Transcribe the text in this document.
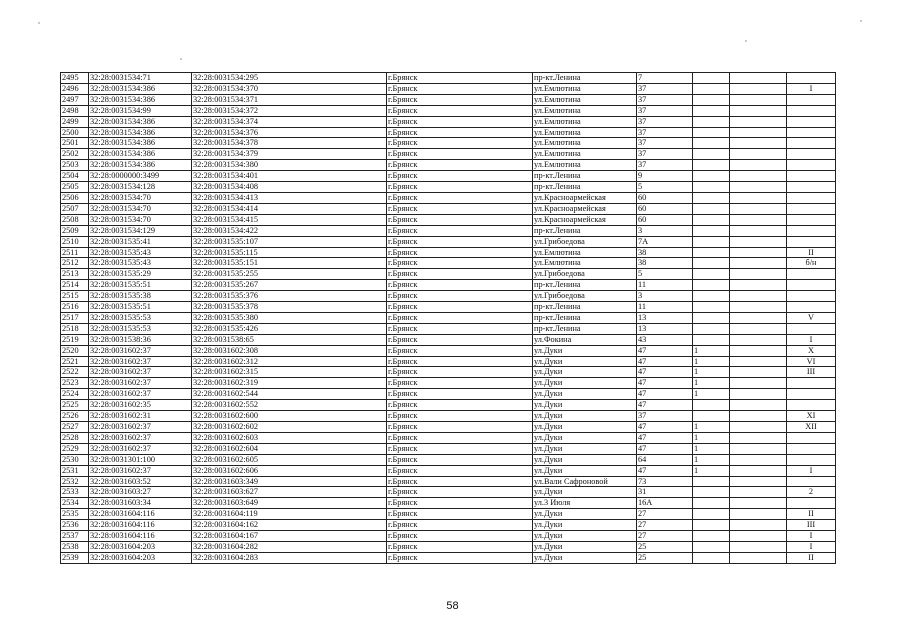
2495	32:28:0031534:71	32:28:0031534:295	г.Брянск	пр-кт.Ленина	7			
2496	32:28:0031534:386	32:28:0031534:370	г.Брянск	ул.Емлютина	37			I
2497	32:28:0031534:386	32:28:0031534:371	г.Брянск	ул.Емлютина	37			
2498	32:28:0031534:99	32:28:0031534:372	г.Брянск	ул.Емлютина	37			
2499	32:28:0031534:386	32:28:0031534:374	г.Брянск	ул.Емлютина	37			
2500	32:28:0031534:386	32:28:0031534:376	г.Брянск	ул.Емлютина	37			
2501	32:28:0031534:386	32:28:0031534:378	г.Брянск	ул.Емлютина	37			
2502	32:28:0031534:386	32:28:0031534:379	г.Брянск	ул.Емлютина	37			
2503	32:28:0031534:386	32:28:0031534:380	г.Брянск	ул.Емлютина	37			
2504	32:28:0000000:3499	32:28:0031534:401	г.Брянск	пр-кт.Ленина	9			
2505	32:28:0031534:128	32:28:0031534:408	г.Брянск	пр-кт.Ленина	5			
2506	32:28:0031534:70	32:28:0031534:413	г.Брянск	ул.Красноармейская	60			
2507	32:28:0031534:70	32:28:0031534:414	г.Брянск	ул.Красноармейская	60			
2508	32:28:0031534:70	32:28:0031534:415	г.Брянск	ул.Красноармейская	60			
2509	32:28:0031534:129	32:28:0031534:422	г.Брянск	пр-кт.Ленина	3			
2510	32:28:0031535:41	32:28:0031535:107	г.Брянск	ул.Грибоедова	7А			
2511	32:28:0031535:43	32:28:0031535:115	г.Брянск	ул.Емлютина	38			II
2512	32:28:0031535:43	32:28:0031535:151	г.Брянск	ул.Емлютина	38			б/н
2513	32:28:0031535:29	32:28:0031535:255	г.Брянск	ул.Грибоедова	5			
2514	32:28:0031535:51	32:28:0031535:267	г.Брянск	пр-кт.Ленина	11			
2515	32:28:0031535:38	32:28:0031535:376	г.Брянск	ул.Грибоедова	3			
2516	32:28:0031535:51	32:28:0031535:378	г.Брянск	пр-кт.Ленина	11			
2517	32:28:0031535:53	32:28:0031535:380	г.Брянск	пр-кт.Ленина	13			V
2518	32:28:0031535:53	32:28:0031535:426	г.Брянск	пр-кт.Ленина	13			
2519	32:28:0031538:36	32:28:0031538:65	г.Брянск	ул.Фокина	43			I
2520	32:28:0031602:37	32:28:0031602:308	г.Брянск	ул.Дуки	47	1		X
2521	32:28:0031602:37	32:28:0031602:312	г.Брянск	ул.Дуки	47	1		VI
2522	32:28:0031602:37	32:28:0031602:315	г.Брянск	ул.Дуки	47	1		III
2523	32:28:0031602:37	32:28:0031602:319	г.Брянск	ул.Дуки	47	1		
2524	32:28:0031602:37	32:28:0031602:544	г.Брянск	ул.Дуки	47	1		
2525	32:28:0031602:35	32:28:0031602:552	г.Брянск	ул.Дуки	47			
2526	32:28:0031602:31	32:28:0031602:600	г.Брянск	ул.Дуки	37			XI
2527	32:28:0031602:37	32:28:0031602:602	г.Брянск	ул.Дуки	47	1		XII
2528	32:28:0031602:37	32:28:0031602:603	г.Брянск	ул.Дуки	47	1		
2529	32:28:0031602:37	32:28:0031602:604	г.Брянск	ул.Дуки	47	1		
2530	32:28:0031301:100	32:28:0031602:605	г.Брянск	ул.Дуки	64	1		
2531	32:28:0031602:37	32:28:0031602:606	г.Брянск	ул.Дуки	47	1		I
2532	32:28:0031603:52	32:28:0031603:349	г.Брянск	ул.Вали Сафроновой	73			
2533	32:28:0031603:27	32:28:0031603:627	г.Брянск	ул.Дуки	31			2
2534	32:28:0031603:34	32:28:0031603:649	г.Брянск	ул.3 Июля	16А			
2535	32:28:0031604:116	32:28:0031604:119	г.Брянск	ул.Дуки	27			II
2536	32:28:0031604:116	32:28:0031604:162	г.Брянск	ул.Дуки	27			III
2537	32:28:0031604:116	32:28:0031604:167	г.Брянск	ул.Дуки	27			I
2538	32:28:0031604:203	32:28:0031604:282	г.Брянск	ул.Дуки	25			I
2539	32:28:0031604:203	32:28:0031604:283	г.Брянск	ул.Дуки	25			II
58
